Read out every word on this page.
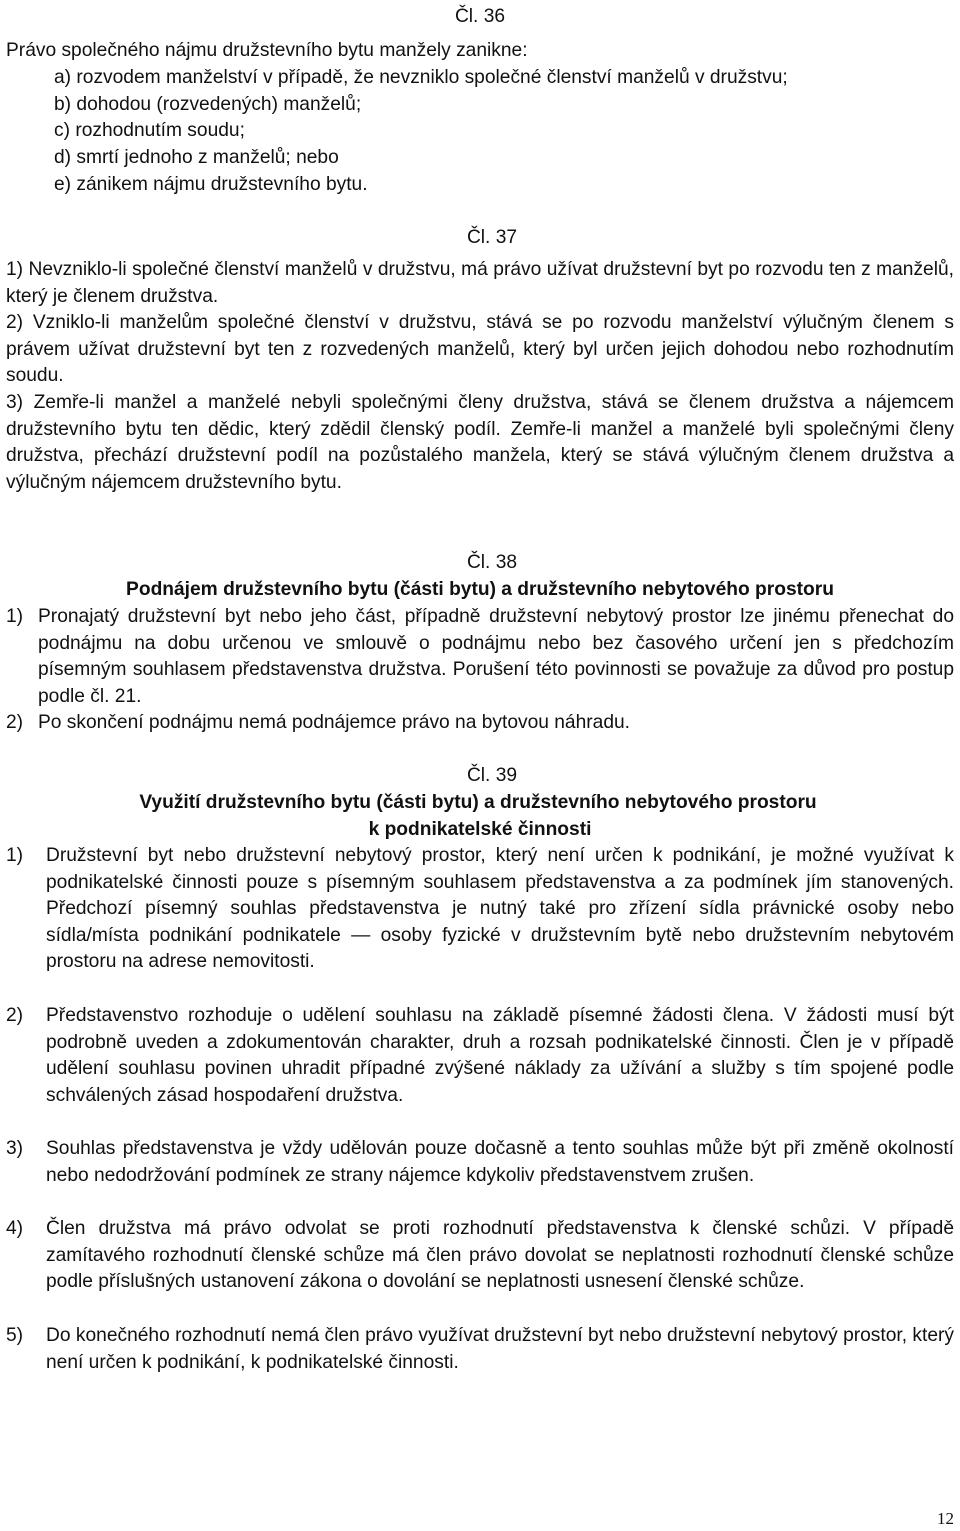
Čl. 36
Právo společného nájmu družstevního bytu manžely zanikne:
a) rozvodem manželství v případě, že nevzniklo společné členství manželů v družstvu;
b) dohodou (rozvedených) manželů;
c) rozhodnutím soudu;
d) smrtí jednoho z manželů; nebo
e) zánikem nájmu družstevního bytu.
Čl. 37
1) Nevzniklo-li společné členství manželů v družstvu, má právo užívat družstevní byt po rozvodu ten z manželů, který je členem družstva.
2) Vzniklo-li manželům společné členství v družstvu, stává se po rozvodu manželství výlučným členem s právem užívat družstevní byt ten z rozvedených manželů, který byl určen jejich dohodou nebo rozhodnutím soudu.
3) Zemře-li manžel a manželé nebyli společnými členy družstva, stává se členem družstva a nájemcem družstevního bytu ten dědic, který zdědil členský podíl. Zemře-li manžel a manželé byli společnými členy družstva, přechází družstevní podíl na pozůstalého manžela, který se stává výlučným členem družstva a výlučným nájemcem družstevního bytu.
Čl. 38
Podnájem družstevního bytu (části bytu) a družstevního nebytového prostoru
1) Pronajatý družstevní byt nebo jeho část, případně družstevní nebytový prostor lze jinému přenechat do podnájmu na dobu určenou ve smlouvě o podnájmu nebo bez časového určení jen s předchozím písemným souhlasem představenstva družstva. Porušení této povinnosti se považuje za důvod pro postup podle čl. 21.
2) Po skončení podnájmu nemá podnájemce právo na bytovou náhradu.
Čl. 39
Využití družstevního bytu (části bytu) a družstevního nebytového prostoru
k podnikatelské činnosti
1) Družstevní byt nebo družstevní nebytový prostor, který není určen k podnikání, je možné využívat k podnikatelské činnosti pouze s písemným souhlasem představenstva a za podmínek jím stanovených. Předchozí písemný souhlas představenstva je nutný také pro zřízení sídla právnické osoby nebo sídla/místa podnikání podnikatele — osoby fyzické v družstevním bytě nebo družstevním nebytovém prostoru na adrese nemovitosti.
2) Představenstvo rozhoduje o udělení souhlasu na základě písemné žádosti člena. V žádosti musí být podrobně uveden a zdokumentován charakter, druh a rozsah podnikatelské činnosti. Člen je v případě udělení souhlasu povinen uhradit případné zvýšené náklady za užívání a služby s tím spojené podle schválených zásad hospodaření družstva.
3) Souhlas představenstva je vždy udělován pouze dočasně a tento souhlas může být při změně okolností nebo nedodržování podmínek ze strany nájemce kdykoliv představenstvem zrušen.
4) Člen družstva má právo odvolat se proti rozhodnutí představenstva k členské schůzi. V případě zamítavého rozhodnutí členské schůze má člen právo dovolat se neplatnosti rozhodnutí členské schůze podle příslušných ustanovení zákona o dovolání se neplatnosti usnesení členské schůze.
5) Do konečného rozhodnutí nemá člen právo využívat družstevní byt nebo družstevní nebytový prostor, který není určen k podnikání, k podnikatelské činnosti.
12
